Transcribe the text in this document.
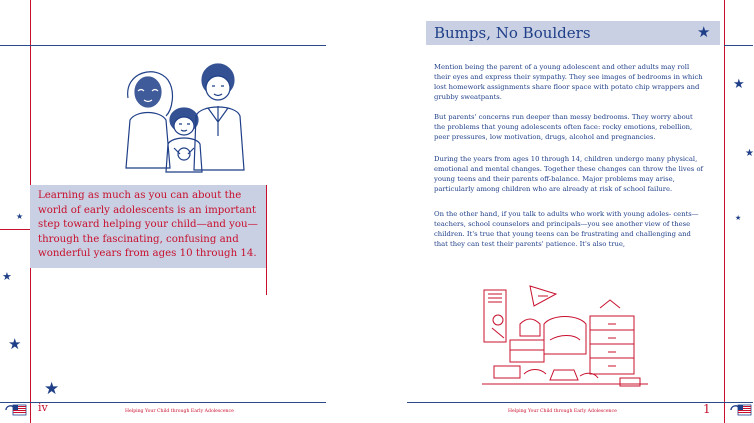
Learning as much as you can about the world of early adolescents is an important step toward helping your child—and you—through the fascinating, confusing and wonderful years from ages 10 through 14.
★
★
★
★
iv	Helping Your Child through Early Adolescence
Bumps, No Boulders	★
Mention being the parent of a young adolescent and other adults may roll their eyes and express their sympathy. They see images of bedrooms in which lost homework assignments share floor space with potato chip wrappers and grubby sweatpants.
But parents' concerns run deeper than messy bedrooms. They worry about the problems that young adolescents often face: rocky emotions, rebellion, peer pressures, low motivation, drugs, alcohol and pregnancies.
During the years from ages 10 through 14, children undergo many physical, emotional and mental changes. Together these changes can throw the lives of young teens and their parents off-balance. Major problems may arise, particularly among children who are already at risk of school failure.
On the other hand, if you talk to adults who work with young adoles- cents—teachers, school counselors and principals—you see another view of these children. It's true that young teens can be frustrating and challenging and that they can test their parents' patience. It's also true,
Helping Your Child through Early Adolescence	1
★
★
★
